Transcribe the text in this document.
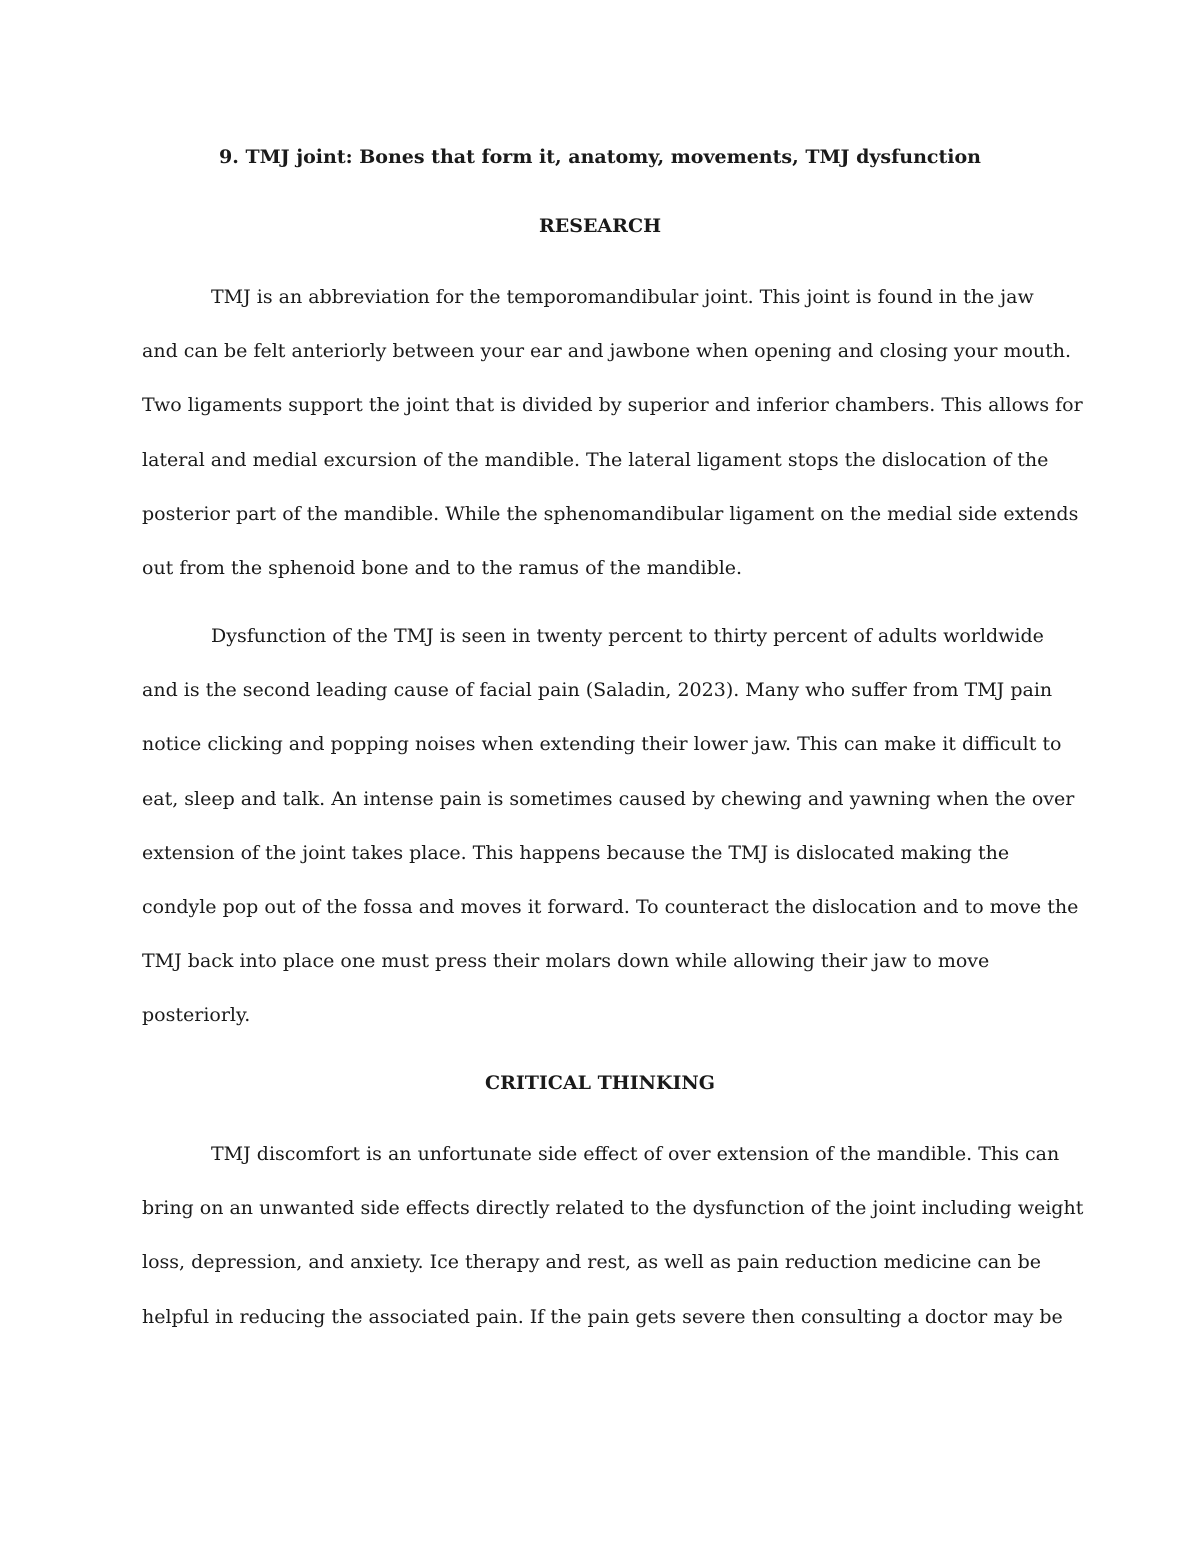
9. TMJ joint: Bones that form it, anatomy, movements, TMJ dysfunction
RESEARCH

TMJ is an abbreviation for the temporomandibular joint. This joint is found in the jaw
and can be felt anteriorly between your ear and jawbone when opening and closing your mouth.
Two ligaments support the joint that is divided by superior and inferior chambers. This allows for
lateral and medial excursion of the mandible. The lateral ligament stops the dislocation of the
posterior part of the mandible. While the sphenomandibular ligament on the medial side extends
out from the sphenoid bone and to the ramus of the mandible.

Dysfunction of the TMJ is seen in twenty percent to thirty percent of adults worldwide
and is the second leading cause of facial pain (Saladin, 2023). Many who suffer from TMJ pain
notice clicking and popping noises when extending their lower jaw. This can make it difficult to
eat, sleep and talk. An intense pain is sometimes caused by chewing and yawning when the over
extension of the joint takes place. This happens because the TMJ is dislocated making the
condyle pop out of the fossa and moves it forward. To counteract the dislocation and to move the
TMJ back into place one must press their molars down while allowing their jaw to move
posteriorly.

CRITICAL THINKING

TMJ discomfort is an unfortunate side effect of over extension of the mandible. This can
bring on an unwanted side effects directly related to the dysfunction of the joint including weight
loss, depression, and anxiety. Ice therapy and rest, as well as pain reduction medicine can be
helpful in reducing the associated pain. If the pain gets severe then consulting a doctor may be
